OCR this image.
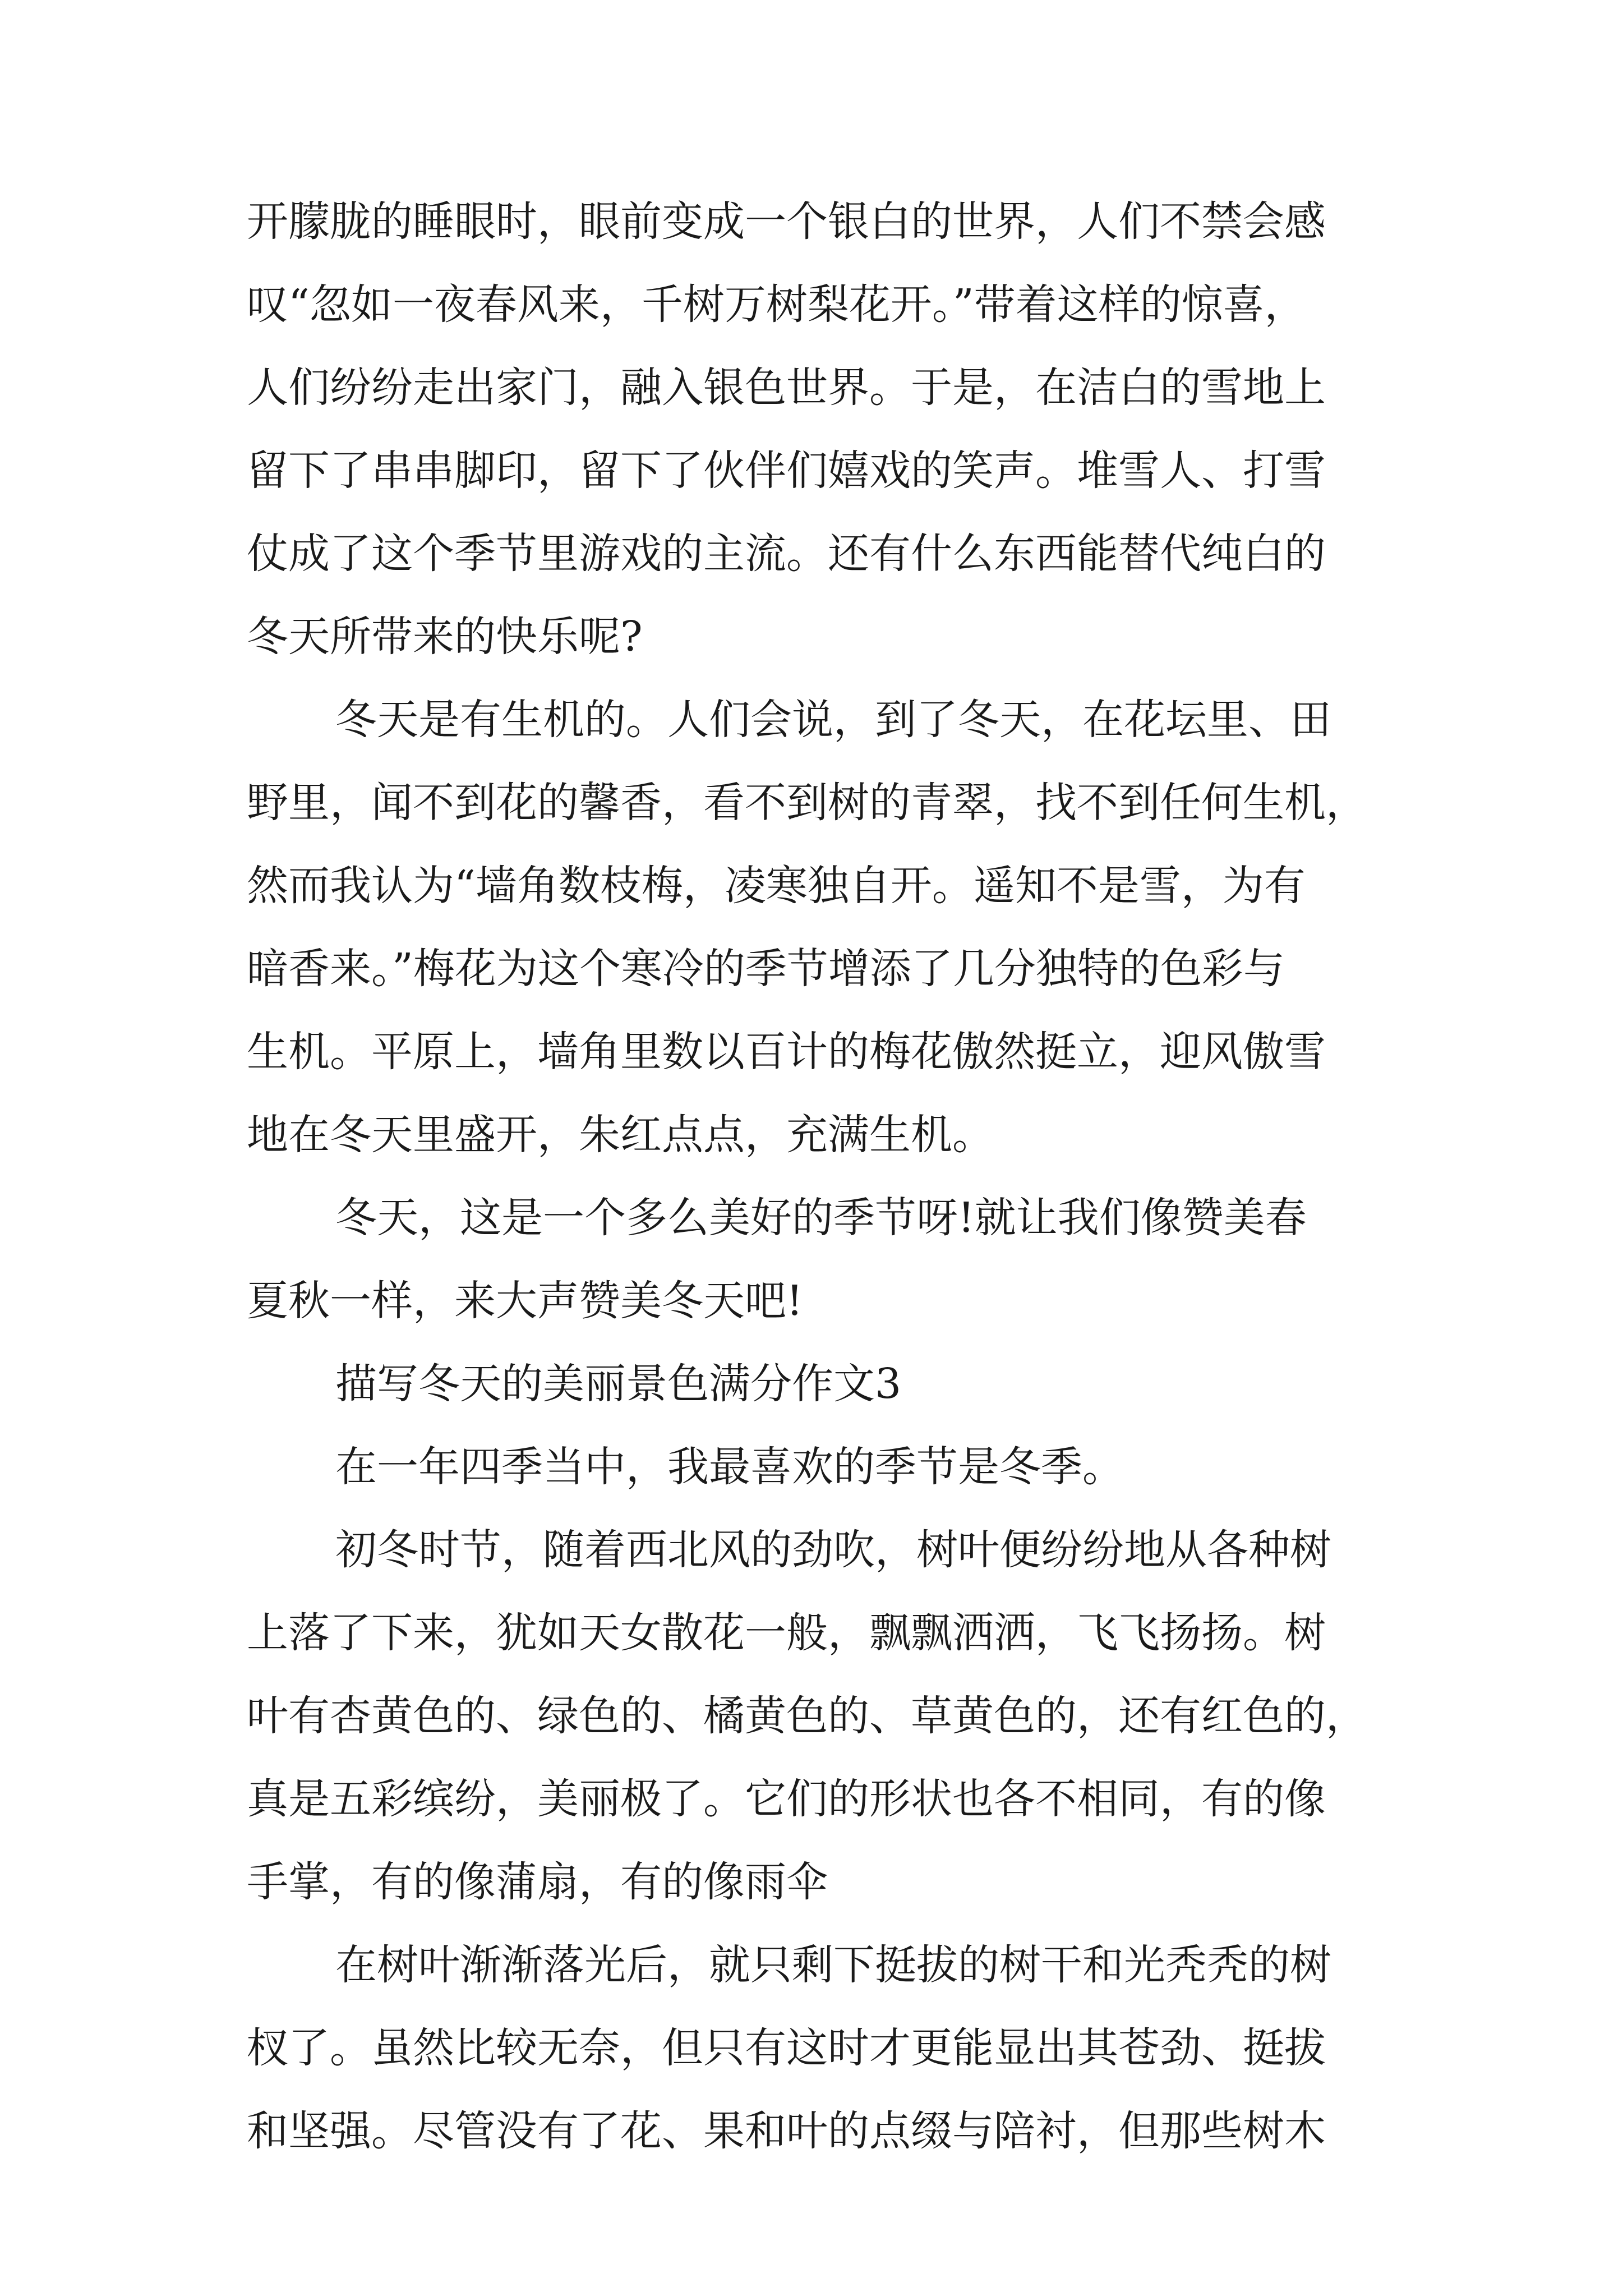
开朦胧的睡眼时，眼前变成一个银白的世界，人们不禁会感
叹“忽如一夜春风来，千树万树梨花开。”带着这样的惊喜，
人们纷纷走出家门，融入银色世界。于是，在洁白的雪地上
留下了串串脚印，留下了伙伴们嬉戏的笑声。堆雪人、打雪
仗成了这个季节里游戏的主流。还有什么东西能替代纯白的
冬天所带来的快乐呢?
冬天是有生机的。人们会说，到了冬天，在花坛里、田
野里，闻不到花的馨香，看不到树的青翠，找不到任何生机，
然而我认为“墙角数枝梅，凌寒独自开。遥知不是雪，为有
暗香来。”梅花为这个寒冷的季节增添了几分独特的色彩与
生机。平原上，墙角里数以百计的梅花傲然挺立，迎风傲雪
地在冬天里盛开，朱红点点，充满生机。
冬天，这是一个多么美好的季节呀!就让我们像赞美春
夏秋一样，来大声赞美冬天吧!
描写冬天的美丽景色满分作文3
在一年四季当中，我最喜欢的季节是冬季。
初冬时节，随着西北风的劲吹，树叶便纷纷地从各种树
上落了下来，犹如天女散花一般，飘飘洒洒，飞飞扬扬。树
叶有杏黄色的、绿色的、橘黄色的、草黄色的，还有红色的，
真是五彩缤纷，美丽极了。它们的形状也各不相同，有的像
手掌，有的像蒲扇，有的像雨伞
在树叶渐渐落光后，就只剩下挺拔的树干和光秃秃的树
杈了。虽然比较无奈，但只有这时才更能显出其苍劲、挺拔
和坚强。尽管没有了花、果和叶的点缀与陪衬，但那些树木
